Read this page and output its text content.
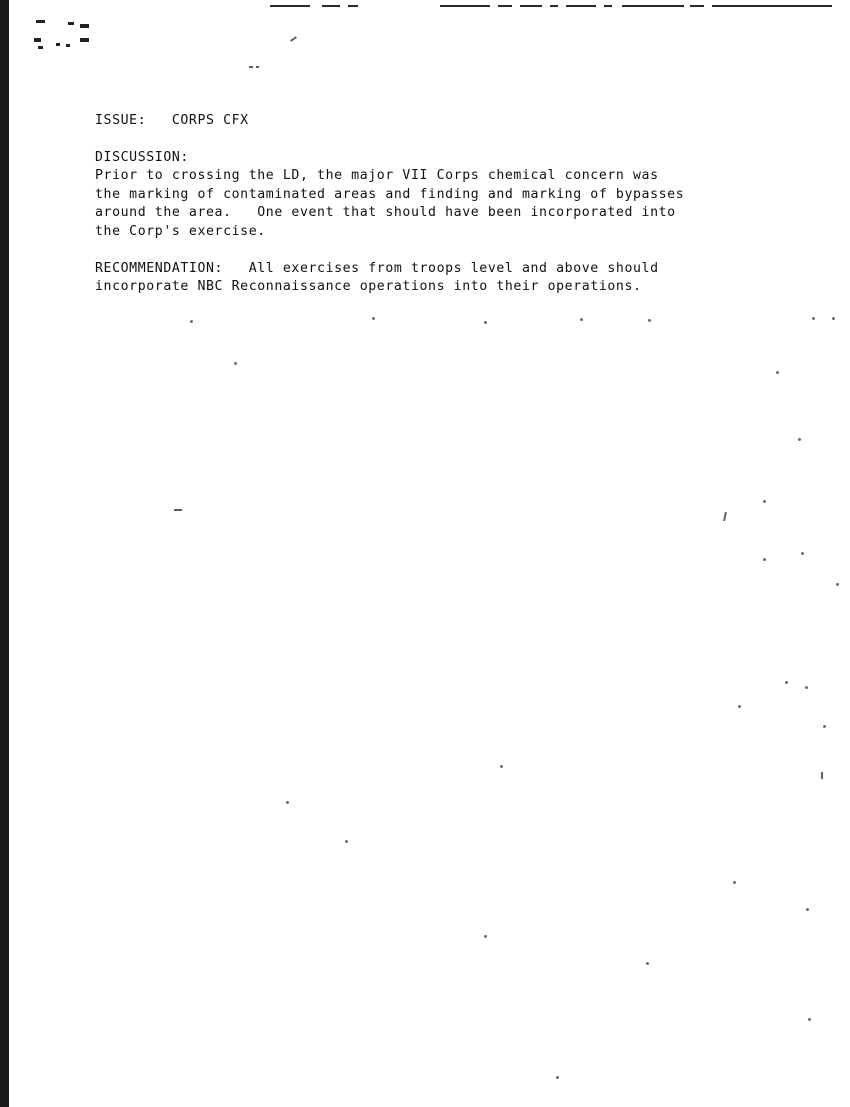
ISSUE:   CORPS CFX
DISCUSSION:
Prior to crossing the LD, the major VII Corps chemical concern was
the marking of contaminated areas and finding and marking of bypasses
around the area.   One event that should have been incorporated into
the Corp's exercise.
RECOMMENDATION:   All exercises from troops level and above should
incorporate NBC Reconnaissance operations into their operations.
